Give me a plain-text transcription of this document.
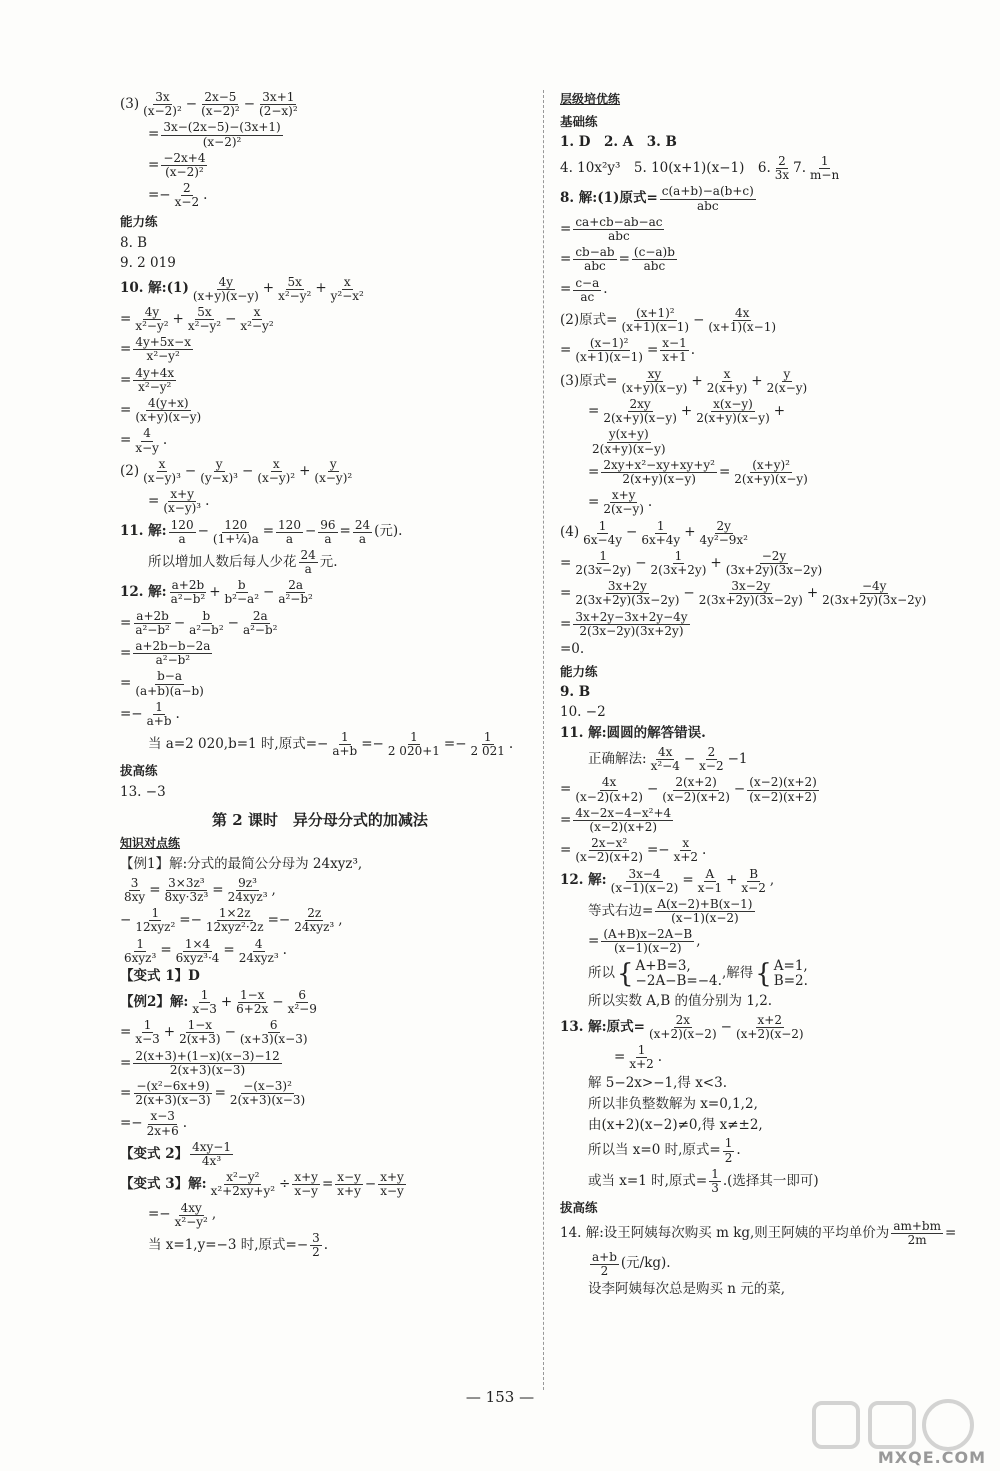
$(3) \frac{3x}{\text{(x−2)²}} - \frac{2x-5}{\text{(x−2)²}} - \frac{3x+1}{\text{(2−x)²}}$
= $\frac{3x-(2x-5)-(3x+1)}{\text{(x−2)²}}$
= $\frac{-2x+4}{\text{(x−2)²}}$
=− $\frac{2}{x-2}$ .
能力练
8. B
9. 2 019
10. 解:(1) $\frac{4y}{(x+y)(x-y)} + \frac{5x}{\text{x²−y²}} + \frac{x}{\text{y²−x²}}$
= $\frac{4y}{\text{x²−y²}} + \frac{5x}{\text{x²−y²}} - \frac{x}{\text{x²−y²}}$
= $\frac{4y+5x-x}{\text{x²−y²}}$
= $\frac{4y+4x}{\text{x²−y²}}$
= $\frac{4(y+x)}{(x+y)(x-y)}$
= $\frac{4}{x-y}$ .
$(2) \frac{x}{\text{(x−y)³}} - \frac{y}{\text{(y−x)³}} - \frac{x}{\text{(x−y)²}} + \frac{y}{\text{(x−y)²}}$
= $\frac{x+y}{\text{(x−y)³}}$ .
11. 解: $\frac{120}{a} - \frac{120}{\text{(1+¼)a}} = \frac{120}{a} - \frac{96}{a} = \frac{24}{a}$ (元).
所以增加人数后每人少花 $\frac{24}{a}$ 元.
12. 解: $\frac{a+2b}{\text{a²−b²}} + \frac{b}{\text{b²−a²}} - \frac{2a}{\text{a²−b²}}$
= $\frac{a+2b}{\text{a²−b²}} - \frac{b}{\text{a²−b²}} - \frac{2a}{\text{a²−b²}}$
= $\frac{a+2b-b-2a}{\text{a²−b²}}$
= $\frac{b-a}{(a+b)(a-b)}$
=− $\frac{1}{a+b}$ .
当 a=2 020,b=1 时,原式=− $\frac{1}{a+b} =- \frac{1}{2 020+1} =- \frac{1}{2 021}$ .
拔高练
13. −3
第 2 课时　异分母分式的加减法
知识对点练
【例1】解:分式的最简公分母为 24xyz³,
$\frac{3}{8xy} = \frac{\text{3×3z³}}{\text{8xy·3z³}} = \frac{\text{9z³}}{\text{24xyz³}}$ ,
− $\frac{1}{\text{12xyz²}} =- \frac{1\times 2z}{\text{12xyz²·2z}} =- \frac{2z}{\text{24xyz³}}$ ,
$\frac{1}{\text{6xyz³}} = \frac{1\times 4}{\text{6xyz³·4}} = \frac{4}{\text{24xyz³}}$ .
【变式 1】D
【例2】解: $\frac{1}{x-3} + \frac{1-x}{6+2x} - \frac{6}{\text{x²−9}}$
= $\frac{1}{x-3} + \frac{1-x}{2(x+3)} - \frac{6}{(x+3)(x-3)}$
= $\frac{2(x+3)+(1-x)(x-3)-12}{2(x+3)(x-3)}$
= $\frac{\text{−(x²−6x+9)}}{2(x+3)(x-3)} = \frac{\text{−(x−3)²}}{2(x+3)(x-3)}$
=− $\frac{x-3}{2x+6}$ .
【变式 2】 $\frac{4xy-1}{\text{4x³}}$
【变式 3】解: $\frac{\text{x²−y²}}{\text{x²+2xy+y²}} \div \frac{x+y}{x-y} = \frac{x-y}{x+y} - \frac{x+y}{x-y}$
=− $\frac{4xy}{\text{x²−y²}}$ ,
当 x=1,y=−3 时,原式=− $\frac{3}{2}$ .
层级培优练
基础练
1. D　2. A　3. B
4. 10x²y³　5. 10(x+1)(x−1)　6. $\frac{2}{3x} 7$. $\frac{1}{m-n}$
8. 解:(1)原式= $\frac{c(a+b)-a(b+c)}{\text{abc}}$
= $\frac{ca+cb-ab-ac}{\text{abc}}$
= $\frac{cb-ab}{\text{abc}} = \frac{(c-a)b}{\text{abc}}$
= $\frac{c-a}{ac}$ .
(2)原式= $\frac{\text{(x+1)²}}{(x+1)(x-1)} - \frac{4x}{(x+1)(x-1)}$
= $\frac{\text{(x−1)²}}{(x+1)(x-1)} = \frac{x-1}{x+1}$ .
(3)原式= $\frac{xy}{(x+y)(x-y)} + \frac{x}{2(x+y)} + \frac{y}{2(x-y)}$
= $\frac{2xy}{2(x+y)(x-y)} + \frac{x(x-y)}{2(x+y)(x-y)}$ +
$\frac{y(x+y)}{2(x+y)(x-y)}$
= $\frac{\text{2xy+x²−xy+xy+y²}}{2(x+y)(x-y)} = \frac{\text{(x+y)²}}{2(x+y)(x-y)}$
= $\frac{x+y}{2(x-y)}$ .
$(4) \frac{1}{6x-4y} - \frac{1}{6x+4y} + \frac{2y}{\text{4y²−9x²}}$
= $\frac{1}{2(3x-2y)} - \frac{1}{2(3x+2y)} + \frac{-2y}{(3x+2y)(3x-2y)}$
= $\frac{3x+2y}{2(3x+2y)(3x-2y)} - \frac{3x-2y}{2(3x+2y)(3x-2y)} + \frac{-4y}{2(3x+2y)(3x-2y)}$
= $\frac{3x+2y-3x+2y-4y}{2(3x-2y)(3x+2y)}$
=0.
能力练
9. B
10. −2
11. 解:圆圆的解答错误.
正确解法: $\frac{4x}{\text{x²−4}} - \frac{2}{x-2} -1$
= $\frac{4x}{(x-2)(x+2)} - \frac{2(x+2)}{(x-2)(x+2)} - \frac{(x-2)(x+2)}{(x-2)(x+2)}$
= $\frac{\text{4x−2x−4−x²+4}}{(x-2)(x+2)}$
= $\frac{\text{2x−x²}}{(x-2)(x+2)} =- \frac{x}{x+2}$ .
12. 解: $\frac{3x-4}{(x-1)(x-2)} = \frac{A}{x-1} + \frac{B}{x-2}$ ,
等式右边= $\frac{A(x-2)+B(x-1)}{(x-1)(x-2)}$
= $\frac{(A+B)x-2A-B}{(x-1)(x-2)}$ ,
所以 { A+B=3,
−2A−B=−4. ,解得 { A=1,
B=2.
所以实数 A,B 的值分别为 1,2.
13. 解:原式= $\frac{2x}{(x+2)(x-2)} - \frac{x+2}{(x+2)(x-2)}$
= $\frac{1}{x+2}$ .
解 5−2x>−1,得 x<3.
所以非负整数解为 x=0,1,2,
由(x+2)(x−2)≠0,得 x≠±2,
所以当 x=0 时,原式= $\frac{1}{2}$ .
或当 x=1 时,原式= $\frac{1}{3}$ .(选择其一即可)
拔高练
14. 解:设王阿姨每次购买 m kg,则王阿姨的平均单价为 $\frac{am+bm}{2m}$ =
$\frac{a+b}{2}$ (元/kg).
设李阿姨每次总是购买 n 元的菜,
— 153 —
MXQE.COM
